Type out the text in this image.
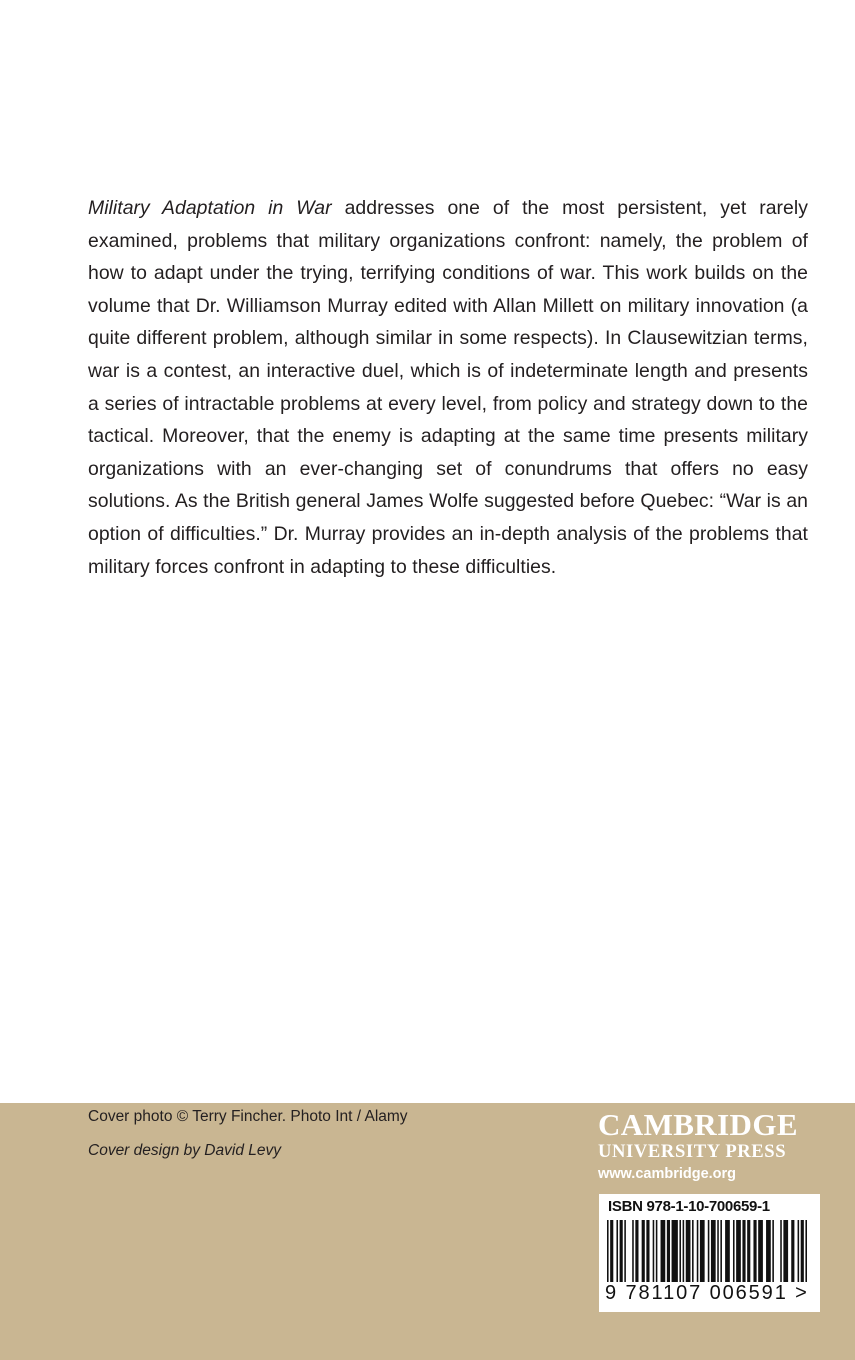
Military Adaptation in War addresses one of the most persistent, yet rarely examined, problems that military organizations confront: namely, the problem of how to adapt under the trying, terrifying conditions of war. This work builds on the volume that Dr. Williamson Murray edited with Allan Millett on military innovation (a quite different problem, although similar in some respects). In Clausewitzian terms, war is a contest, an interactive duel, which is of indeterminate length and presents a series of intractable problems at every level, from policy and strategy down to the tactical. Moreover, that the enemy is adapting at the same time presents military organizations with an ever-changing set of conundrums that offers no easy solutions. As the British general James Wolfe suggested before Quebec: “War is an option of difficulties.” Dr. Murray provides an in-depth analysis of the problems that military forces confront in adapting to these difficulties.

Cover photo © Terry Fincher. Photo Int / Alamy

Cover design by David Levy

CAMBRIDGE
UNIVERSITY PRESS
www.cambridge.org
ISBN 978-1-10-700659-1
9 781107 006591 >
